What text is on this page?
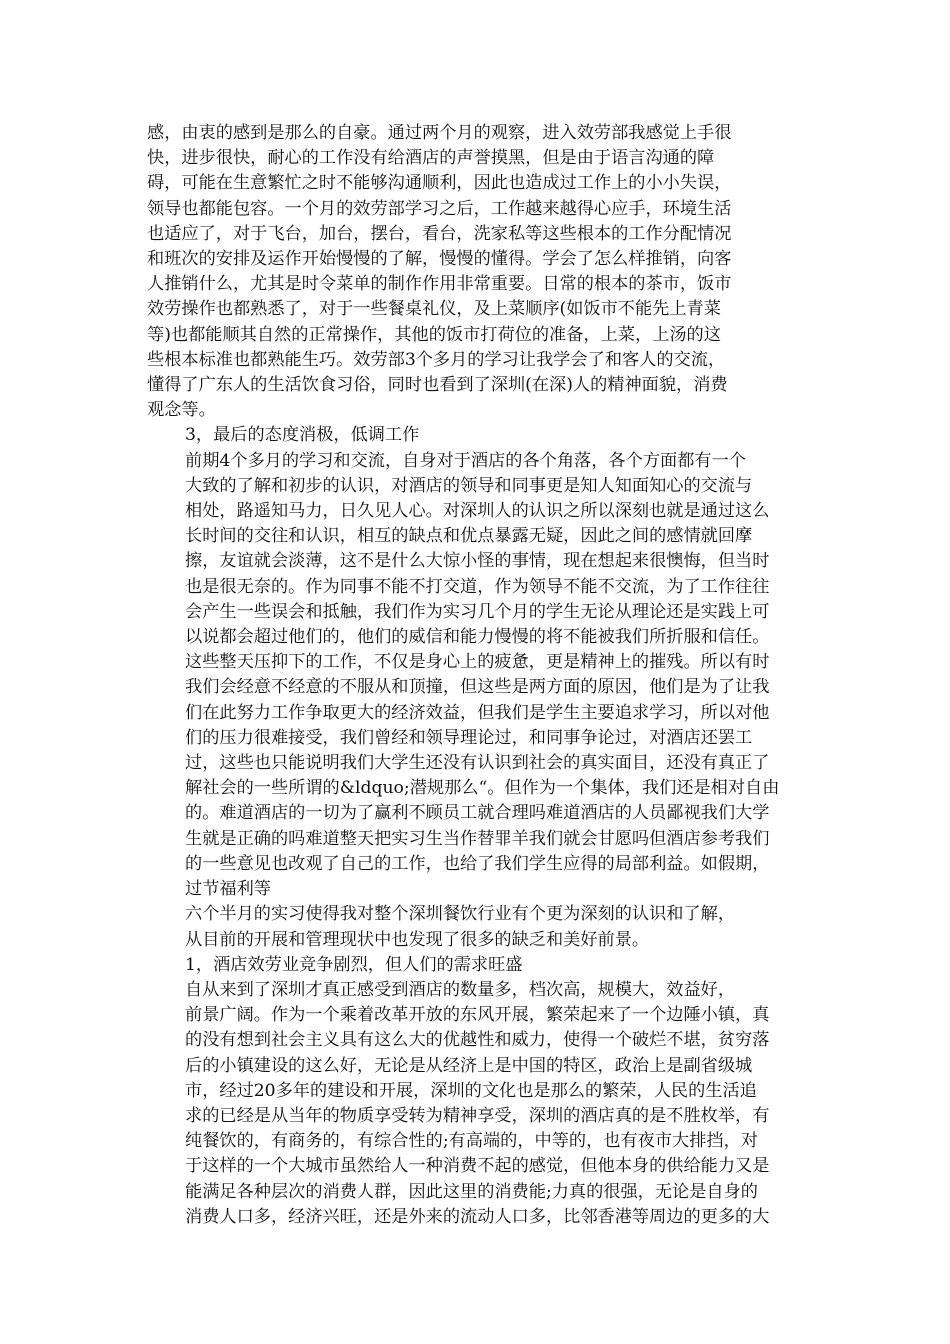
感，由衷的感到是那么的自豪。通过两个月的观察，进入效劳部我感觉上手很
快，进步很快，耐心的工作没有给酒店的声誉摸黑，但是由于语言沟通的障
碍，可能在生意繁忙之时不能够沟通顺利，因此也造成过工作上的小小失误，
领导也都能包容。一个月的效劳部学习之后，工作越来越得心应手，环境生活
也适应了，对于飞台，加台，摆台，看台，洗家私等这些根本的工作分配情况
和班次的安排及运作开始慢慢的了解，慢慢的懂得。学会了怎么样推销，向客
人推销什么，尤其是时令菜单的制作作用非常重要。日常的根本的茶市，饭市
效劳操作也都熟悉了，对于一些餐桌礼仪，及上菜顺序(如饭市不能先上青菜
等)也都能顺其自然的正常操作，其他的饭市打荷位的准备，上菜，上汤的这
些根本标准也都熟能生巧。效劳部3个多月的学习让我学会了和客人的交流，
懂得了广东人的生活饮食习俗，同时也看到了深圳(在深)人的精神面貌，消费
观念等。

3，最后的态度消极，低调工作

前期4个多月的学习和交流，自身对于酒店的各个角落，各个方面都有一个
大致的了解和初步的认识，对酒店的领导和同事更是知人知面知心的交流与
相处，路遥知马力，日久见人心。对深圳人的认识之所以深刻也就是通过这么
长时间的交往和认识，相互的缺点和优点暴露无疑，因此之间的感情就回摩
擦，友谊就会淡薄，这不是什么大惊小怪的事情，现在想起来很懊悔，但当时
也是很无奈的。作为同事不能不打交道，作为领导不能不交流，为了工作往往
会产生一些误会和抵触，我们作为实习几个月的学生无论从理论还是实践上可
以说都会超过他们的，他们的威信和能力慢慢的将不能被我们所折服和信任。
这些整天压抑下的工作，不仅是身心上的疲惫，更是精神上的摧残。所以有时
我们会经意不经意的不服从和顶撞，但这些是两方面的原因，他们是为了让我
们在此努力工作争取更大的经济效益，但我们是学生主要追求学习，所以对他
们的压力很难接受，我们曾经和领导理论过，和同事争论过，对酒店还罢工
过，这些也只能说明我们大学生还没有认识到社会的真实面目，还没有真正了
解社会的一些所谓的&ldquo;潜规那么“。但作为一个集体，我们还是相对自由
的。难道酒店的一切为了赢利不顾员工就合理吗难道酒店的人员鄙视我们大学
生就是正确的吗难道整天把实习生当作替罪羊我们就会甘愿吗但酒店参考我们
的一些意见也改观了自己的工作，也给了我们学生应得的局部利益。如假期，
过节福利等

六个半月的实习使得我对整个深圳餐饮行业有个更为深刻的认识和了解，
从目前的开展和管理现状中也发现了很多的缺乏和美好前景。

1，酒店效劳业竞争剧烈，但人们的需求旺盛

自从来到了深圳才真正感受到酒店的数量多，档次高，规模大，效益好，
前景广阔。作为一个乘着改革开放的东风开展，繁荣起来了一个边陲小镇，真
的没有想到社会主义具有这么大的优越性和威力，使得一个破烂不堪，贫穷落
后的小镇建设的这么好，无论是从经济上是中国的特区，政治上是副省级城
市，经过20多年的建设和开展，深圳的文化也是那么的繁荣，人民的生活追
求的已经是从当年的物质享受转为精神享受，深圳的酒店真的是不胜枚举，有
纯餐饮的，有商务的，有综合性的;有高端的，中等的，也有夜市大排挡，对
于这样的一个大城市虽然给人一种消费不起的感觉，但他本身的供给能力又是
能满足各种层次的消费人群，因此这里的消费能;力真的很强，无论是自身的
消费人口多，经济兴旺，还是外来的流动人口多，比邻香港等周边的更多的大
